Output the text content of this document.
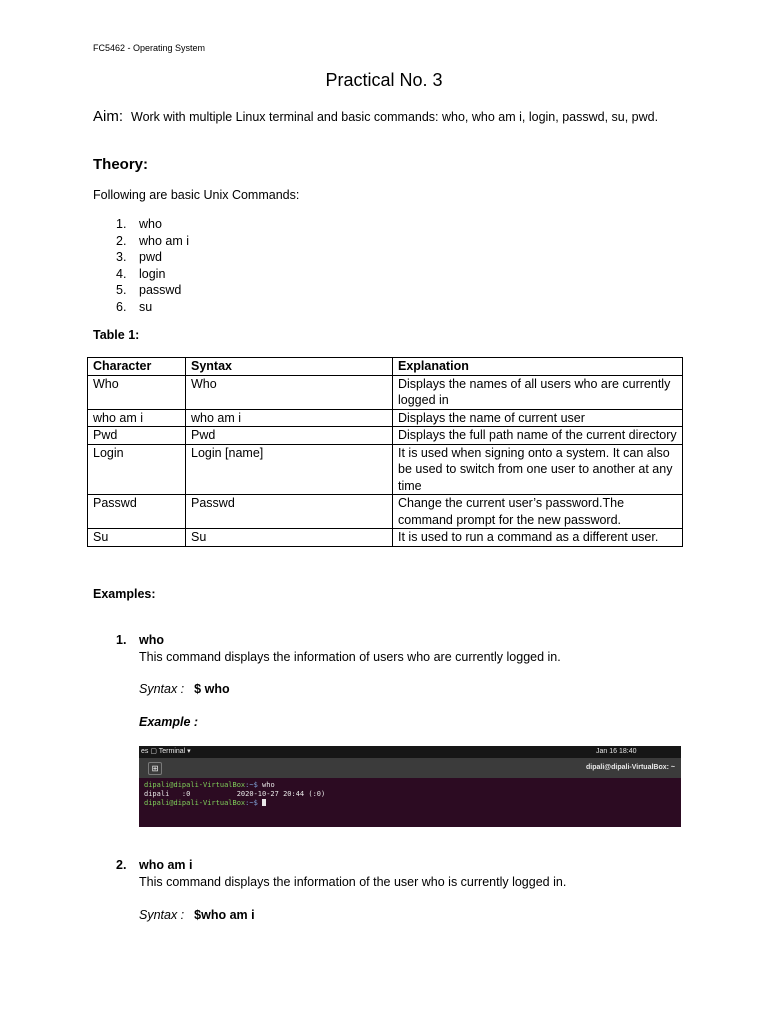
FC5462 - Operating System
Practical No. 3
Aim: Work with multiple Linux terminal and basic commands: who, who am i, login, passwd, su, pwd.
Theory:
Following are basic Unix Commands:
1. who
2. who am i
3. pwd
4. login
5. passwd
6. su
Table 1:
Character	Syntax	Explanation
Who	Who	Displays the names of all users who are currently logged in
who am i	who am i	Displays the name of current user
Pwd	Pwd	Displays the full path name of the current directory
Login	Login [name]	It is used when signing onto a system. It can also be used to switch from one user to another at any time
Passwd	Passwd	Change the current user’s password.The command prompt for the new password.
Su	Su	It is used to run a command as a different user.
Examples:
1. who
This command displays the information of users who are currently logged in.
Syntax : $ who
Example :
es ▢ Terminal ▾	Jan 16 18:40
⊞	dipali@dipali-VirtualBox: ~
dipali@dipali-VirtualBox:~$ who
dipali   :0           2020-10-27 20:44 (:0)
dipali@dipali-VirtualBox:~$
2. who am i
This command displays the information of the user who is currently logged in.
Syntax : $who am i
